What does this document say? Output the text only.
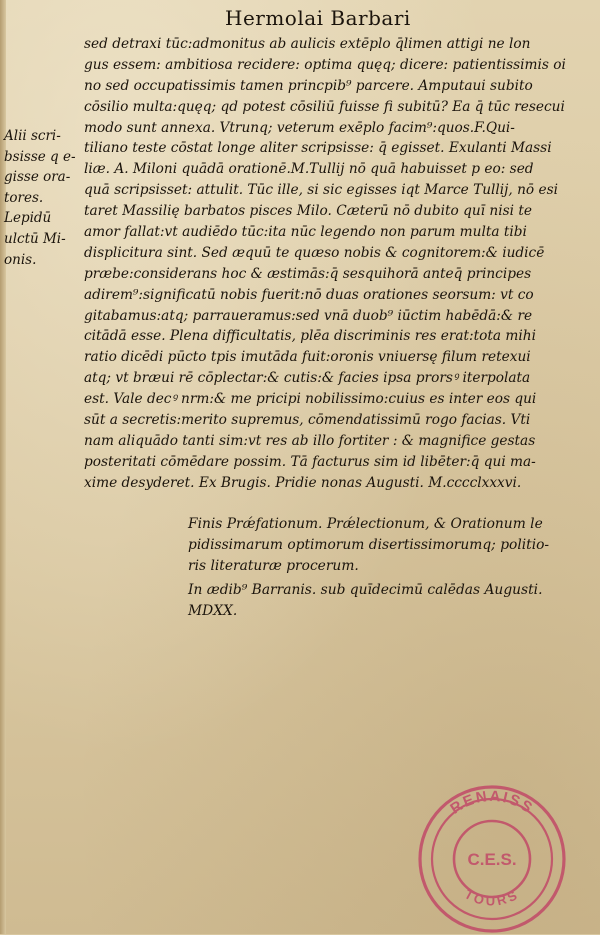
Hermolai Barbari
Alii scri-
bsisse q e-
gisse ora-
tores.
Lepidū
ulctū Mi-
onis.
sed detraxi tūc:admonitus ab aulicis extēplo q̄limen attigi ne lon
gus essem: ambitiosa recidere: optima quęq; dicere: patientissimis oi
no sed occupatissimis tamen princpib⁹ parcere. Amputaui subito
cōsilio multa:quęq; qd potest cōsiliū fuisse fi subitū? Ea q̄ tūc resecui
modo sunt annexa. Vtrunq; veterum exēplo facim⁹:quos.F.Qui-
tiliano teste cōstat longe aliter scripsisse: q̄ egisset. Exulanti Massi
liæ. A. Miloni quādā orationē.M.Tullij nō quā habuisset p eo: sed
quā scripsisset: attulit. Tūc ille, si sic egisses iqt Marce Tullij, nō esi
taret Massilię barbatos pisces Milo. Cæterū nō dubito quī nisi te
amor fallat:vt audiēdo tūc:ita nūc legendo non parum multa tibi
displicitura sint. Sed æquū te quæso nobis & cognitorem:& iudicē
præbe:considerans hoc & æstimās:q̄ sesquihorā anteq̄ principes
adirem⁹:significatū nobis fuerit:nō duas orationes seorsum: vt co
gitabamus:atq; parraueramus:sed vnā duob⁹ iūctim habēdā:& re
citādā esse. Plena difficultatis, plēa discriminis res erat:tota mihi
ratio dicēdi pūcto tpis imutāda fuit:oronis vniuersę filum retexui
atq; vt bræui rē cōplectar:& cutis:& facies ipsa prorsꝰ iterpolata
est. Vale decꝰ nrm:& me pricipi nobilissimo:cuius es inter eos qui
sūt a secretis:merito supremus, cōmendatissimū rogo facias. Vti
nam aliquādo tanti sim:vt res ab illo fortiter : & magnifice gestas
posteritati cōmēdare possim. Tā facturus sim id libēter:q̄ qui ma-
xime desyderet. Ex Brugis. Pridie nonas Augusti. M.cccclxxxvi.
Finis Prǽfationum. Prǽlectionum, & Orationum le
pidissimarum optimorum disertissimorumq; politio-
ris literaturæ procerum.
In ædib⁹ Barranis. sub quīdecimū calēdas Augusti.
MDXX.
RENAISS
C.E.S.
TOURS
